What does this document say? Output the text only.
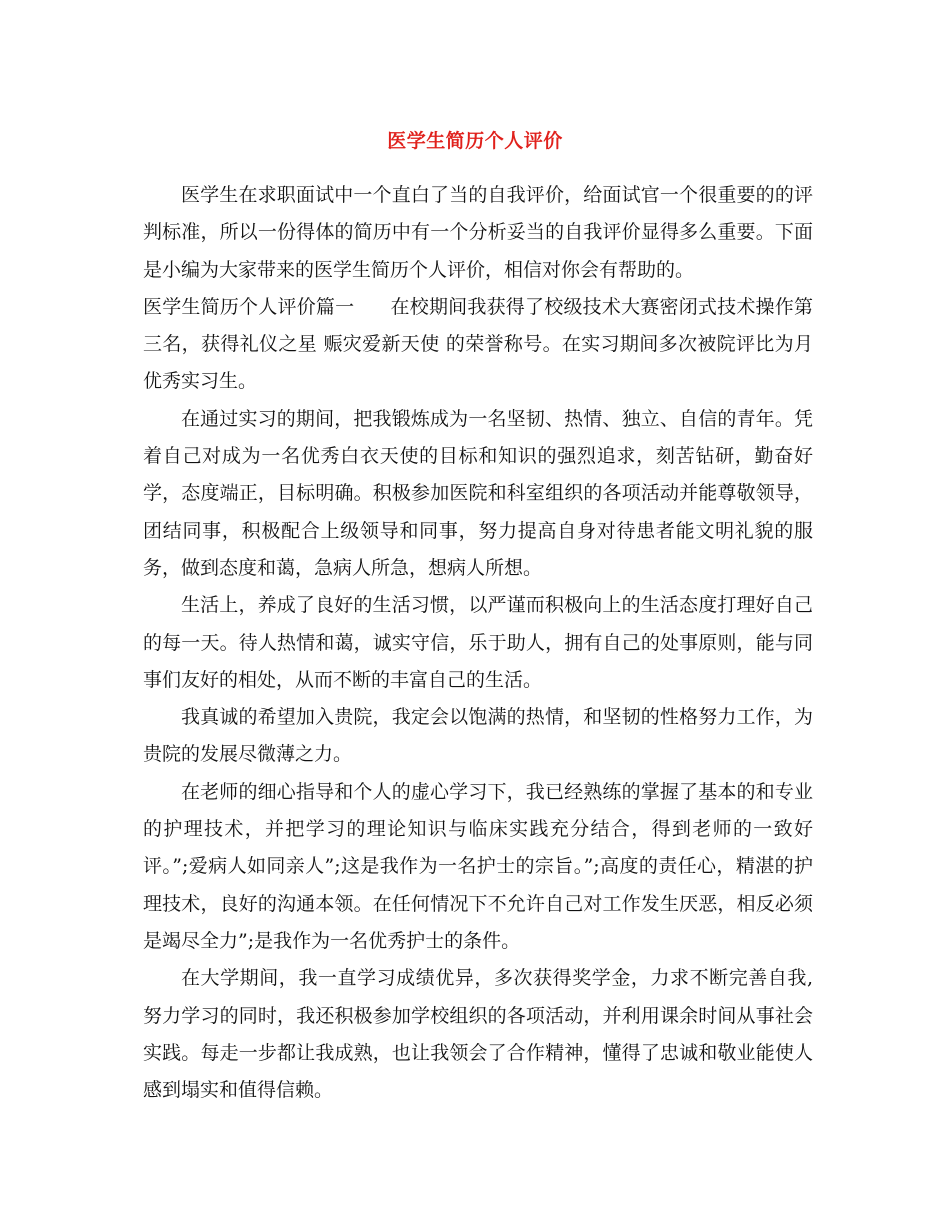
医学生简历个人评价

医学生在求职面试中一个直白了当的自我评价，给面试官一个很重要的的评判标准，所以一份得体的简历中有一个分析妥当的自我评价显得多么重要。下面是小编为大家带来的医学生简历个人评价，相信对你会有帮助的。

医学生简历个人评价篇一 在校期间我获得了校级技术大赛密闭式技术操作第三名，获得礼仪之星 赈灾爱新天使 的荣誉称号。在实习期间多次被院评比为月优秀实习生。

在通过实习的期间，把我锻炼成为一名坚韧、热情、独立、自信的青年。凭着自己对成为一名优秀白衣天使的目标和知识的强烈追求，刻苦钻研，勤奋好学，态度端正，目标明确。积极参加医院和科室组织的各项活动并能尊敬领导，团结同事，积极配合上级领导和同事，努力提高自身对待患者能文明礼貌的服务，做到态度和蔼，急病人所急，想病人所想。

生活上，养成了良好的生活习惯，以严谨而积极向上的生活态度打理好自己的每一天。待人热情和蔼，诚实守信，乐于助人，拥有自己的处事原则，能与同事们友好的相处，从而不断的丰富自己的生活。

我真诚的希望加入贵院，我定会以饱满的热情，和坚韧的性格努力工作，为贵院的发展尽微薄之力。

在老师的细心指导和个人的虚心学习下，我已经熟练的掌握了基本的和专业的护理技术，并把学习的理论知识与临床实践充分结合，得到老师的一致好评。”;爱病人如同亲人”;这是我作为一名护士的宗旨。”;高度的责任心，精湛的护理技术，良好的沟通本领。在任何情况下不允许自己对工作发生厌恶，相反必须是竭尽全力”;是我作为一名优秀护士的条件。

在大学期间，我一直学习成绩优异，多次获得奖学金，力求不断完善自我,努力学习的同时，我还积极参加学校组织的各项活动，并利用课余时间从事社会实践。每走一步都让我成熟，也让我领会了合作精神，懂得了忠诚和敬业能使人感到塌实和值得信赖。
